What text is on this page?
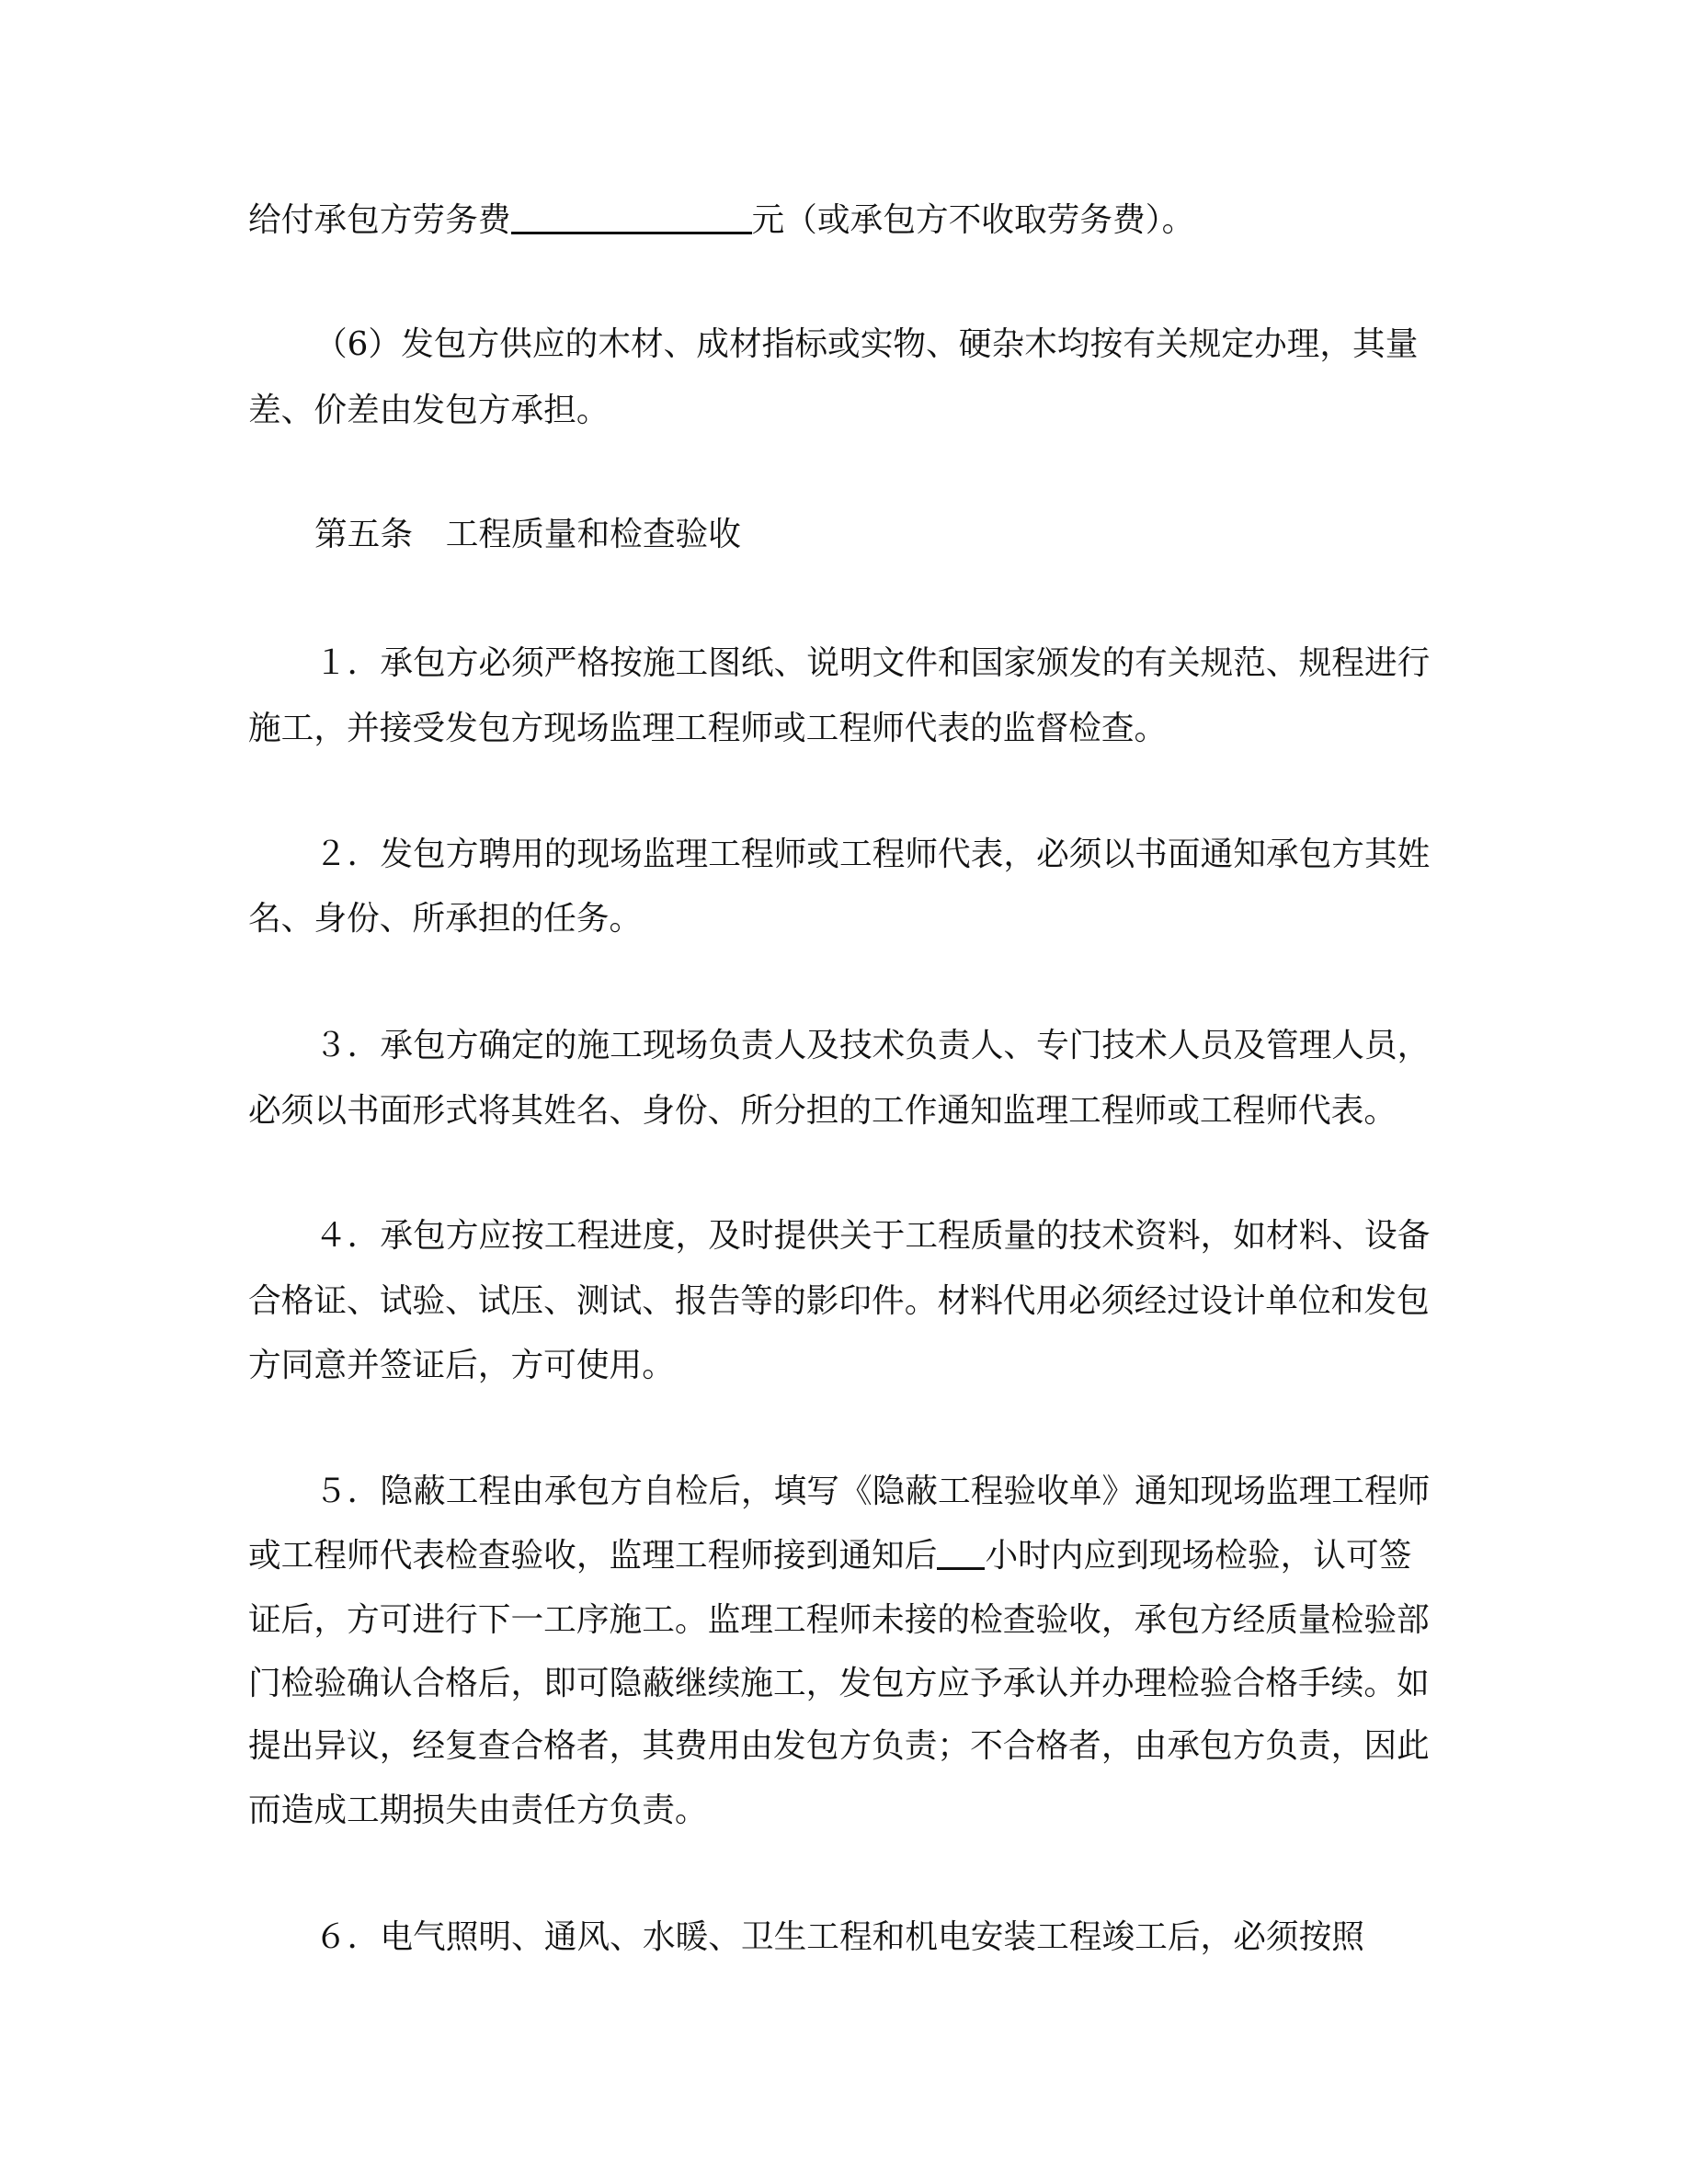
给付承包方劳务费	元（或承包方不收取劳务费）。
（6）发包方供应的木材、成材指标或实物、硬杂木均按有关规定办理，其量
差、价差由发包方承担。
第五条　工程质量和检查验收
１．承包方必须严格按施工图纸、说明文件和国家颁发的有关规范、规程进行
施工，并接受发包方现场监理工程师或工程师代表的监督检查。
２．发包方聘用的现场监理工程师或工程师代表，必须以书面通知承包方其姓
名、身份、所承担的任务。
３．承包方确定的施工现场负责人及技术负责人、专门技术人员及管理人员，
必须以书面形式将其姓名、身份、所分担的工作通知监理工程师或工程师代表。
４．承包方应按工程进度，及时提供关于工程质量的技术资料，如材料、设备
合格证、试验、试压、测试、报告等的影印件。材料代用必须经过设计单位和发包
方同意并签证后，方可使用。
５．隐蔽工程由承包方自检后，填写《隐蔽工程验收单》通知现场监理工程师
或工程师代表检查验收，监理工程师接到通知后 小时内应到现场检验，认可签
证后，方可进行下一工序施工。监理工程师未接的检查验收，承包方经质量检验部
门检验确认合格后，即可隐蔽继续施工，发包方应予承认并办理检验合格手续。如
提出异议，经复查合格者，其费用由发包方负责；不合格者，由承包方负责，因此
而造成工期损失由责任方负责。
６．电气照明、通风、水暖、卫生工程和机电安装工程竣工后，必须按照
